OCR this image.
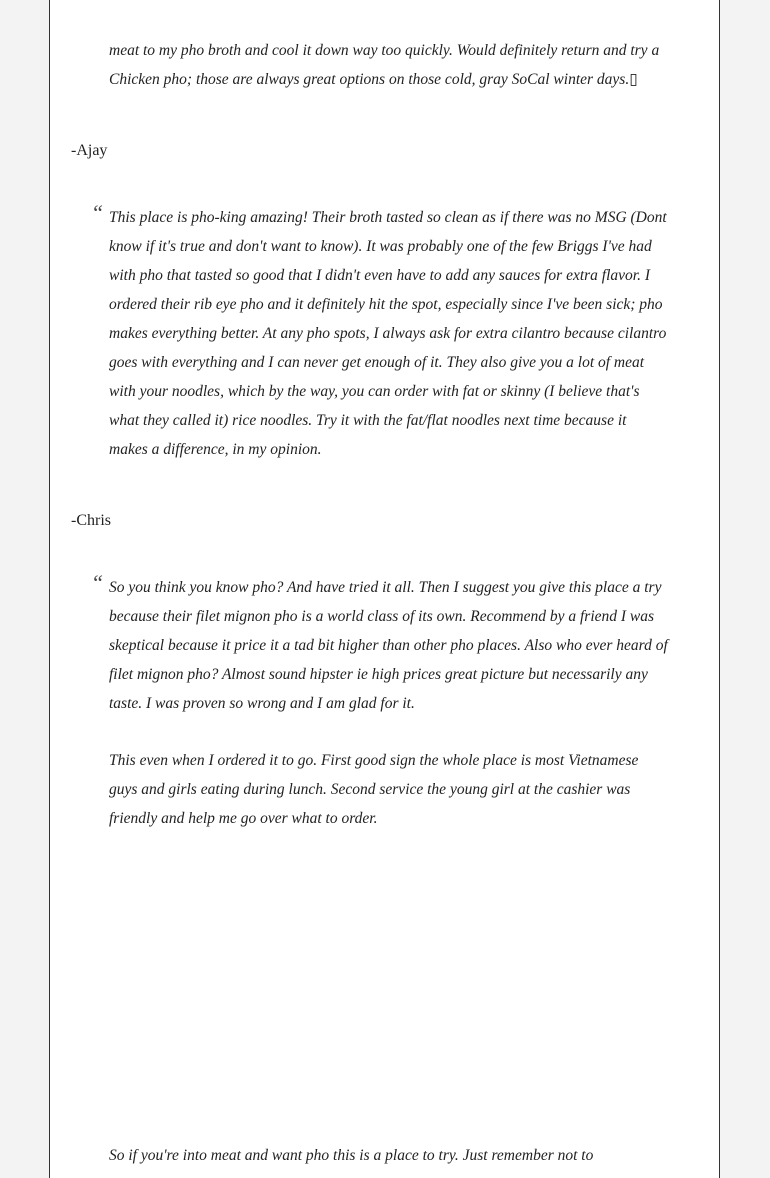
meat to my pho broth and cool it down way too quickly. Would definitely return and try a Chicken pho; those are always great options on those cold, gray SoCal winter days.▯

-Ajay

“ This place is pho-king amazing! Their broth tasted so clean as if there was no MSG (Dont know if it's true and don't want to know). It was probably one of the few Briggs I've had with pho that tasted so good that I didn't even have to add any sauces for extra flavor. I ordered their rib eye pho and it definitely hit the spot, especially since I've been sick; pho makes everything better. At any pho spots, I always ask for extra cilantro because cilantro goes with everything and I can never get enough of it. They also give you a lot of meat with your noodles, which by the way, you can order with fat or skinny (I believe that's what they called it) rice noodles. Try it with the fat/flat noodles next time because it makes a difference, in my opinion.

-Chris

“ So you think you know pho? And have tried it all. Then I suggest you give this place a try because their filet mignon pho is a world class of its own. Recommend by a friend I was skeptical because it price it a tad bit higher than other pho places. Also who ever heard of filet mignon pho? Almost sound hipster ie high prices great picture but necessarily any taste. I was proven so wrong and I am glad for it.

This even when I ordered it to go. First good sign the whole place is most Vietnamese guys and girls eating during lunch. Second service the young girl at the cashier was friendly and help me go over what to order.

So if you're into meat and want pho this is a place to try. Just remember not to
